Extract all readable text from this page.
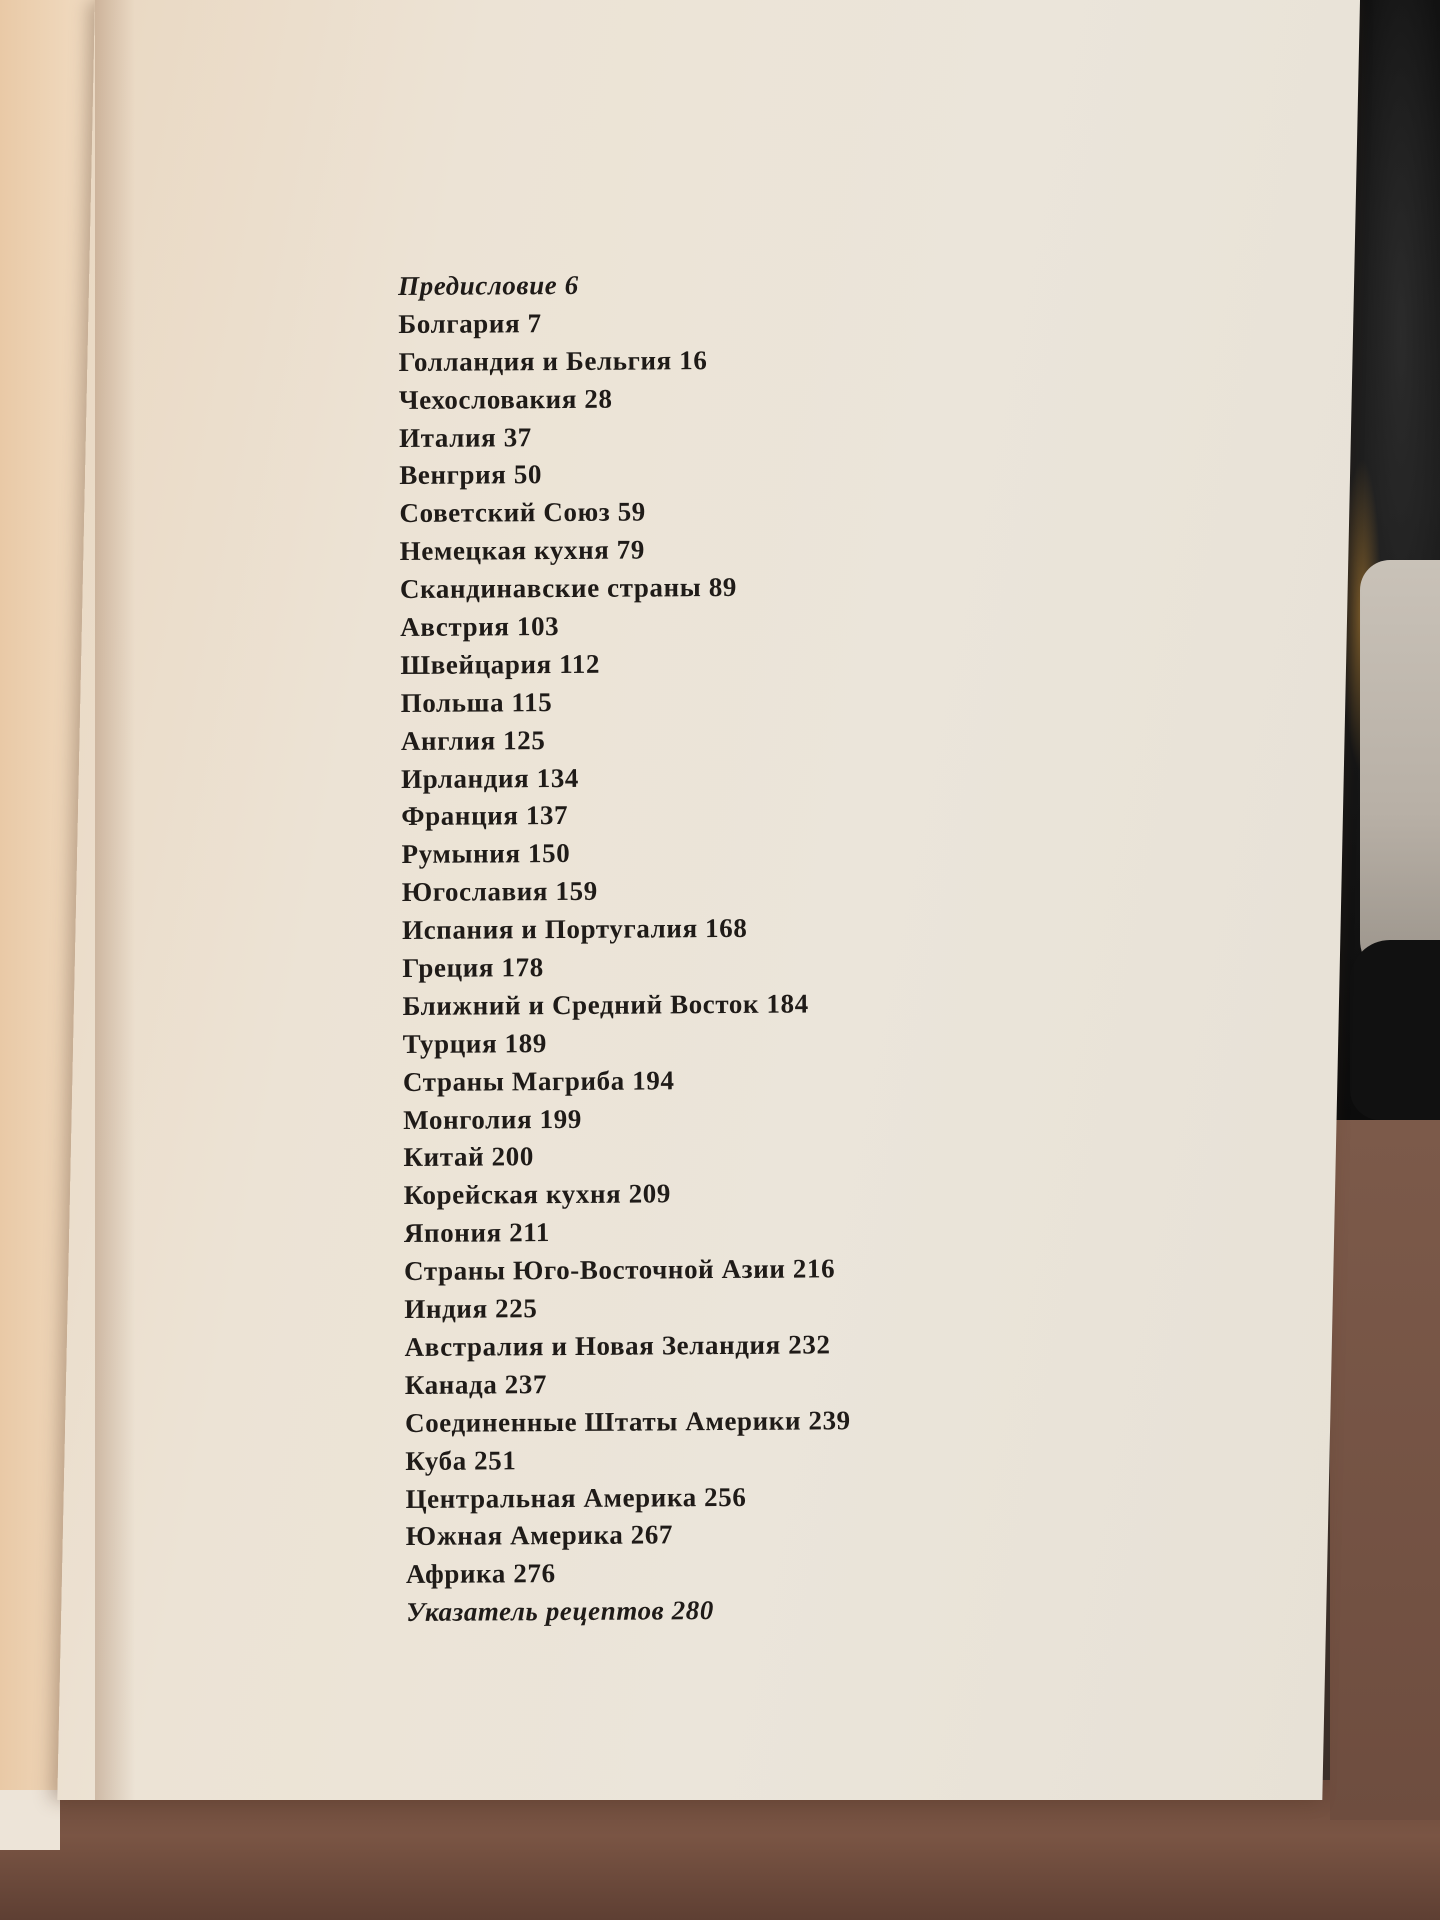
Предисловие 6
Болгария 7
Голландия и Бельгия 16
Чехословакия 28
Италия 37
Венгрия 50
Советский Союз 59
Немецкая кухня 79
Скандинавские страны 89
Австрия 103
Швейцария 112
Польша 115
Англия 125
Ирландия 134
Франция 137
Румыния 150
Югославия 159
Испания и Португалия 168
Греция 178
Ближний и Средний Восток 184
Турция 189
Страны Магриба 194
Монголия 199
Китай 200
Корейская кухня 209
Япония 211
Страны Юго-Восточной Азии 216
Индия 225
Австралия и Новая Зеландия 232
Канада 237
Соединенные Штаты Америки 239
Куба 251
Центральная Америка 256
Южная Америка 267
Африка 276
Указатель рецептов 280
